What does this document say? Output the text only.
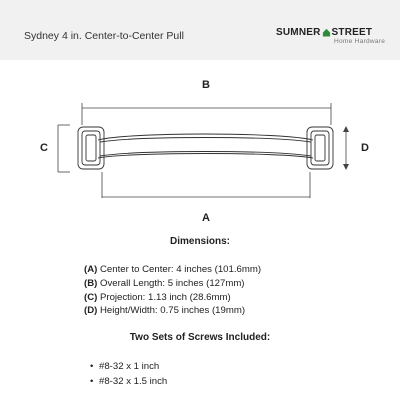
Sydney 4 in. Center-to-Center Pull	SUMNER STREET
Home Hardware
B
C	D
A
Dimensions:
(A) Center to Center: 4 inches (101.6mm)
(B) Overall Length: 5 inches (127mm)
(C) Projection: 1.13 inch (28.6mm)
(D) Height/Width: 0.75 inches (19mm)
Two Sets of Screws Included:
• #8-32 x 1 inch
• #8-32 x 1.5 inch
